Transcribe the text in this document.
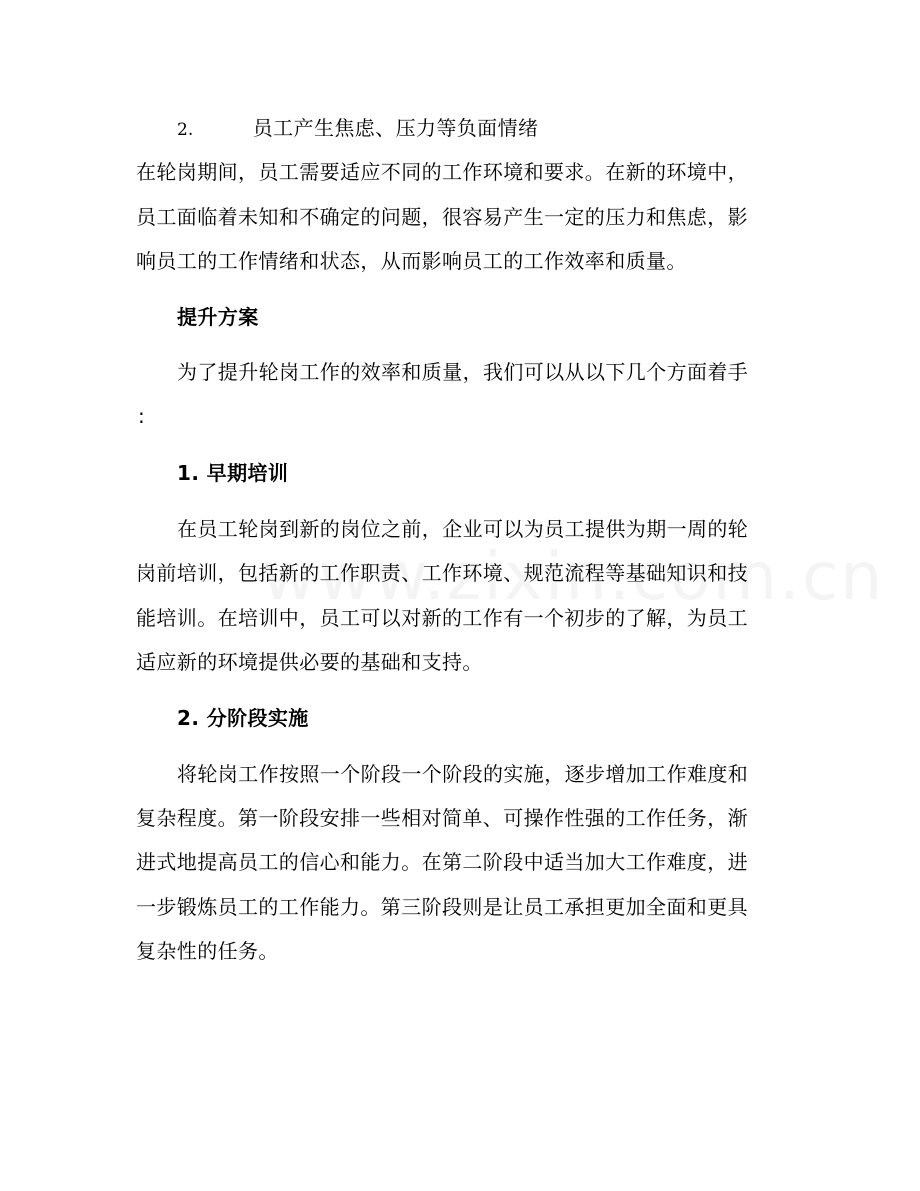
2.	员工产生焦虑、压力等负面情绪
在轮岗期间，员工需要适应不同的工作环境和要求。在新的环境中，
员工面临着未知和不确定的问题，很容易产生一定的压力和焦虑，影
响员工的工作情绪和状态，从而影响员工的工作效率和质量。
提升方案
为了提升轮岗工作的效率和质量，我们可以从以下几个方面着手
:
1. 早期培训
在员工轮岗到新的岗位之前，企业可以为员工提供为期一周的轮
岗前培训，包括新的工作职责、工作环境、规范流程等基础知识和技
能培训。在培训中，员工可以对新的工作有一个初步的了解，为员工
适应新的环境提供必要的基础和支持。
2. 分阶段实施
将轮岗工作按照一个阶段一个阶段的实施，逐步增加工作难度和
复杂程度。第一阶段安排一些相对简单、可操作性强的工作任务，渐
进式地提高员工的信心和能力。在第二阶段中适当加大工作难度，进
一步锻炼员工的工作能力。第三阶段则是让员工承担更加全面和更具
复杂性的任务。
